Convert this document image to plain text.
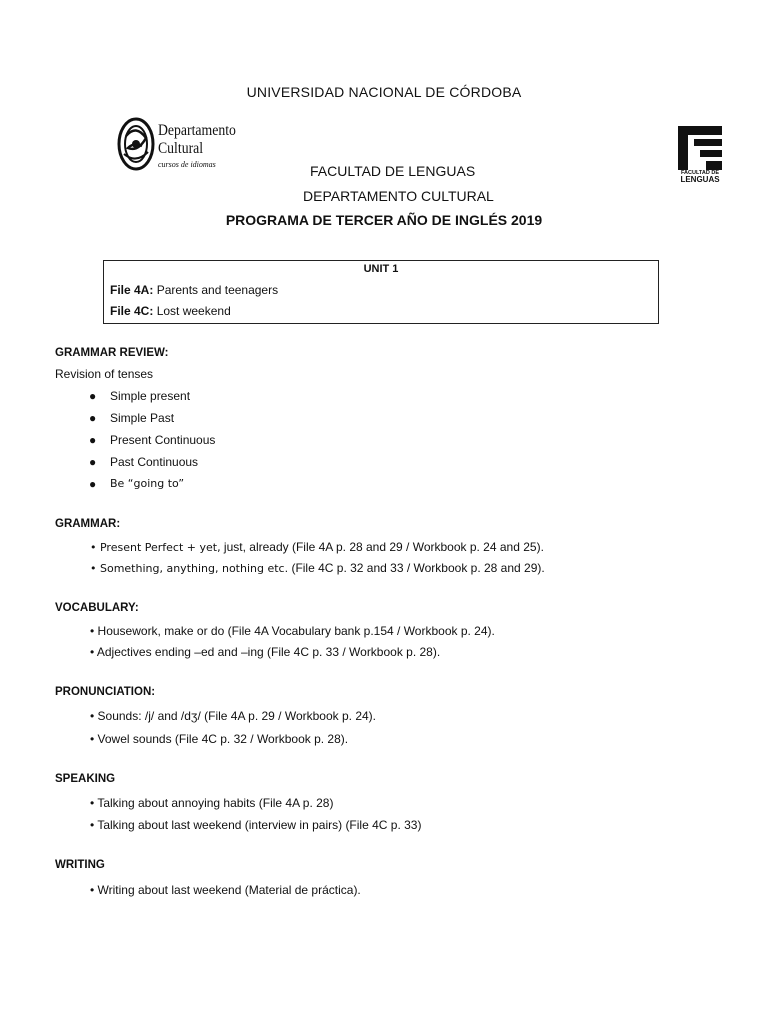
UNIVERSIDAD NACIONAL DE CÓRDOBA
Departamento
Cultural
cursos de idiomas
FACULTAD DE
LENGUAS
FACULTAD DE LENGUAS
DEPARTAMENTO CULTURAL
PROGRAMA DE TERCER AÑO DE INGLÉS 2019
UNIT 1
File 4A: Parents and teenagers
File 4C: Lost weekend
GRAMMAR REVIEW:
Revision of tenses
● Simple present
● Simple Past
● Present Continuous
● Past Continuous
● Be “going to”
GRAMMAR:
• Present Perfect + yet, just, already (File 4A p. 28 and 29 / Workbook p. 24 and 25).
• Something, anything, nothing etc. (File 4C p. 32 and 33 / Workbook p. 28 and 29).
VOCABULARY:
• Housework, make or do (File 4A Vocabulary bank p.154 / Workbook p. 24).
• Adjectives ending –ed and –ing (File 4C p. 33 / Workbook p. 28).
PRONUNCIATION:
• Sounds: /j/ and /dʒ/ (File 4A p. 29 / Workbook p. 24).
• Vowel sounds (File 4C p. 32 / Workbook p. 28).
SPEAKING
• Talking about annoying habits (File 4A p. 28)
• Talking about last weekend (interview in pairs) (File 4C p. 33)
WRITING
• Writing about last weekend (Material de práctica).
